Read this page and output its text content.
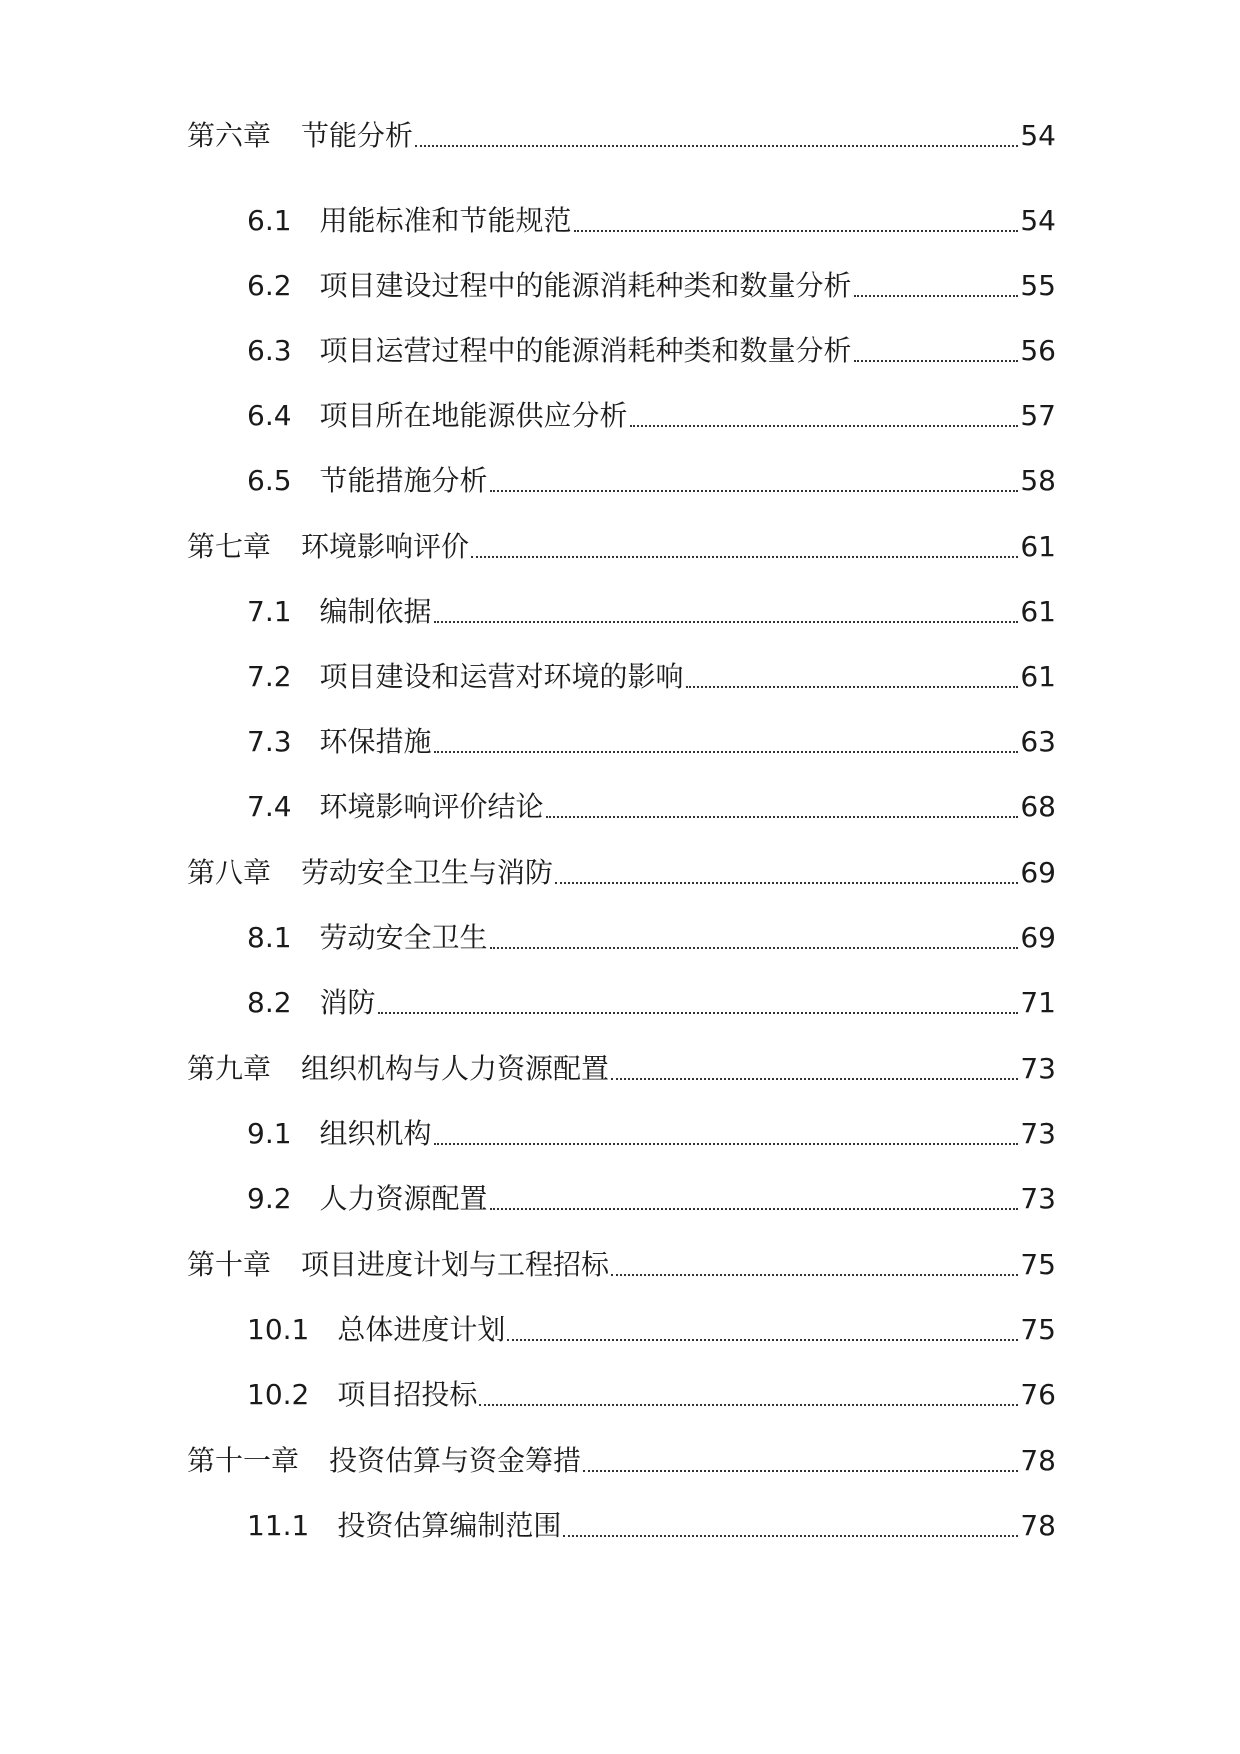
第六章 节能分析	54
6.1 用能标准和节能规范	54
6.2 项目建设过程中的能源消耗种类和数量分析	55
6.3 项目运营过程中的能源消耗种类和数量分析	56
6.4 项目所在地能源供应分析	57
6.5 节能措施分析	58
第七章 环境影响评价	61
7.1 编制依据	61
7.2 项目建设和运营对环境的影响	61
7.3 环保措施	63
7.4 环境影响评价结论	68
第八章 劳动安全卫生与消防	69
8.1 劳动安全卫生	69
8.2 消防	71
第九章 组织机构与人力资源配置	73
9.1 组织机构	73
9.2 人力资源配置	73
第十章 项目进度计划与工程招标	75
10.1 总体进度计划	75
10.2 项目招投标	76
第十一章 投资估算与资金筹措	78
11.1 投资估算编制范围	78
